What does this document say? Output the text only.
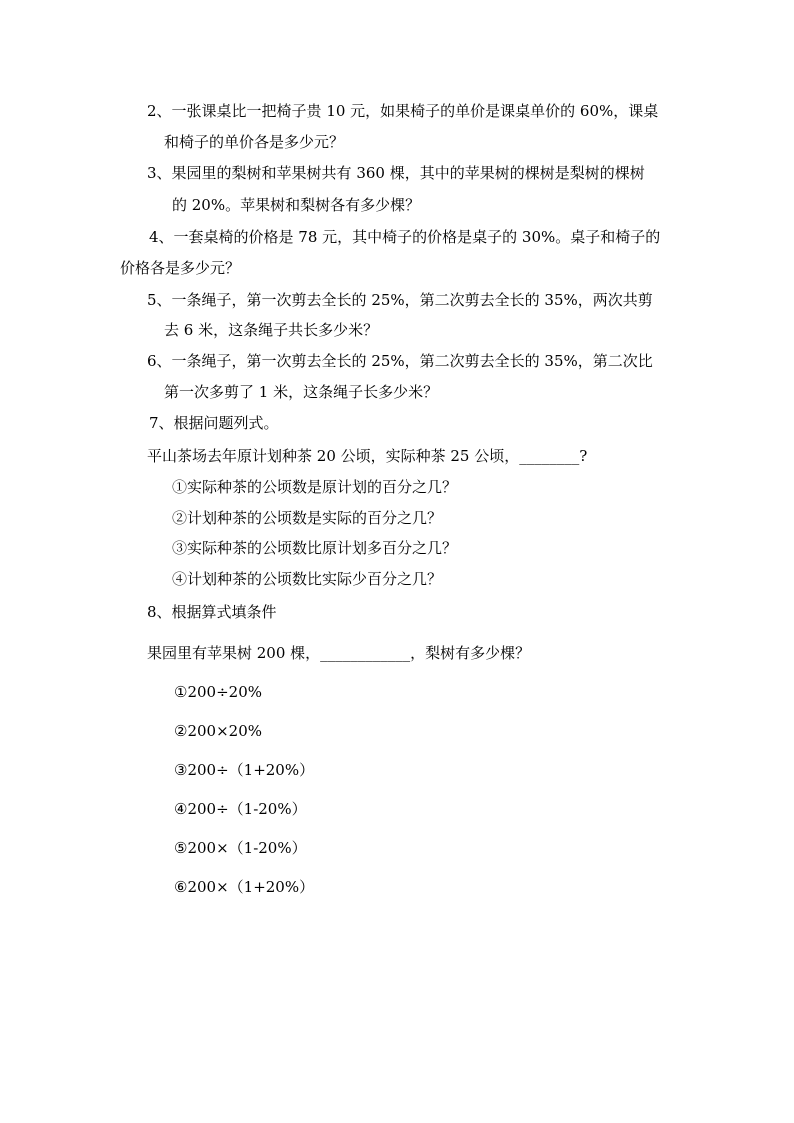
2、一张课桌比一把椅子贵 10 元，如果椅子的单价是课桌单价的 60%，课桌
和椅子的单价各是多少元？
3、果园里的梨树和苹果树共有 360 棵，其中的苹果树的棵树是梨树的棵树
的 20%。苹果树和梨树各有多少棵？
4、一套桌椅的价格是 78 元，其中椅子的价格是桌子的 30%。桌子和椅子的
价格各是多少元？
5、一条绳子，第一次剪去全长的 25%，第二次剪去全长的 35%，两次共剪
去 6 米，这条绳子共长多少米？
6、一条绳子，第一次剪去全长的 25%，第二次剪去全长的 35%，第二次比
第一次多剪了 1 米，这条绳子长多少米？
7、根据问题列式。
平山茶场去年原计划种茶 20 公顷，实际种茶 25 公顷，________?
①实际种茶的公顷数是原计划的百分之几？
②计划种茶的公顷数是实际的百分之几？
③实际种茶的公顷数比原计划多百分之几？
④计划种茶的公顷数比实际少百分之几？
8、根据算式填条件
果园里有苹果树 200 棵，____________，梨树有多少棵？
①200÷20%
②200×20%
③200÷（1+20%）
④200÷（1-20%）
⑤200×（1-20%）
⑥200×（1+20%）
